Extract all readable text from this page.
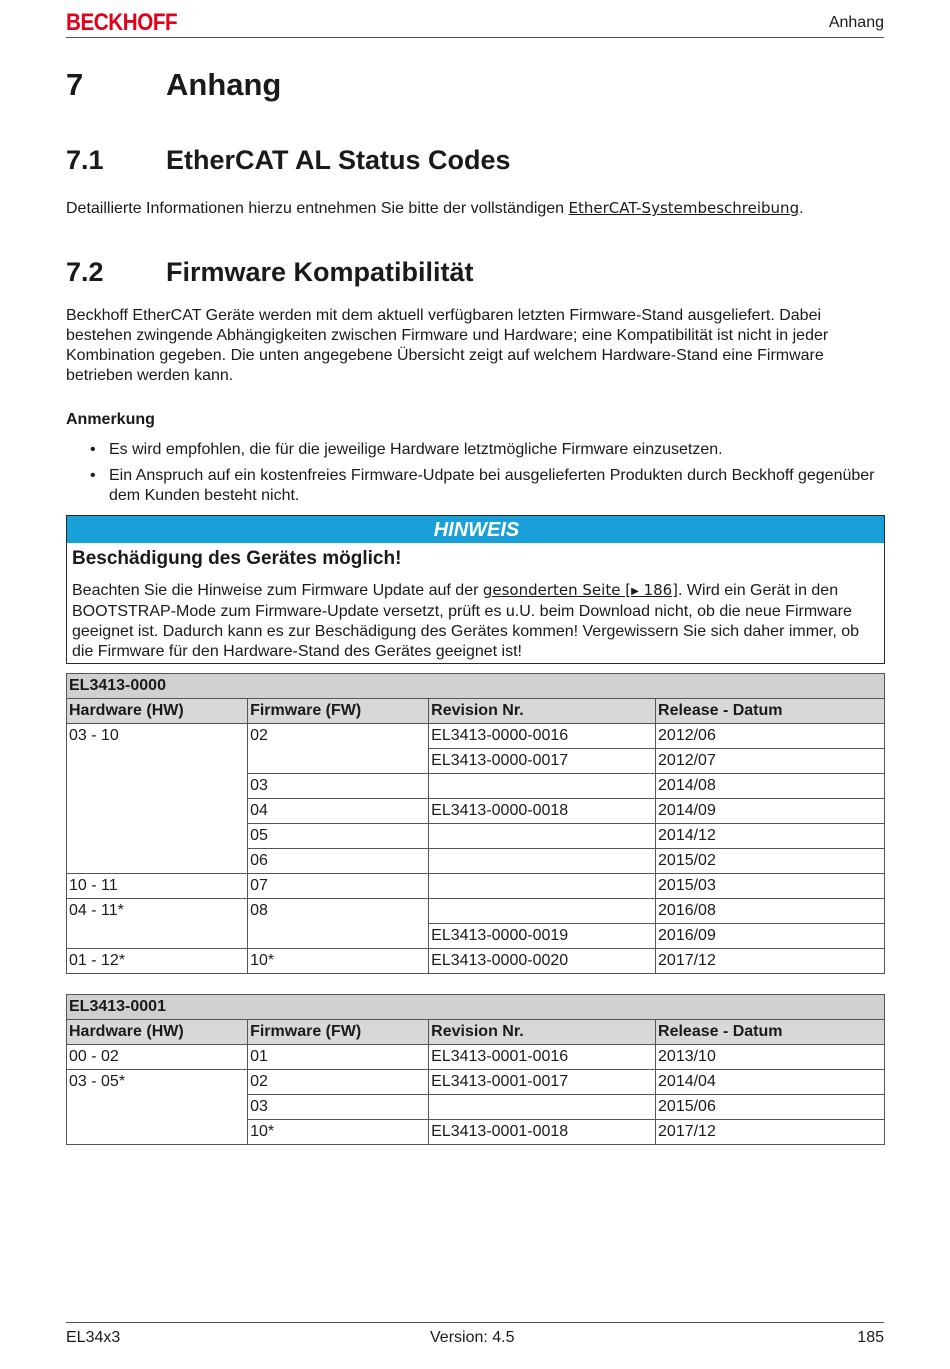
BECKHOFF	Anhang
7	Anhang
7.1 EtherCAT AL Status Codes
Detaillierte Informationen hierzu entnehmen Sie bitte der vollständigen EtherCAT-Systembeschreibung.
7.2 Firmware Kompatibilität
Beckhoff EtherCAT Geräte werden mit dem aktuell verfügbaren letzten Firmware-Stand ausgeliefert. Dabei bestehen zwingende Abhängigkeiten zwischen Firmware und Hardware; eine Kompatibilität ist nicht in jeder Kombination gegeben. Die unten angegebene Übersicht zeigt auf welchem Hardware-Stand eine Firmware betrieben werden kann.
Anmerkung
• Es wird empfohlen, die für die jeweilige Hardware letztmögliche Firmware einzusetzen.
• Ein Anspruch auf ein kostenfreies Firmware-Udpate bei ausgelieferten Produkten durch Beckhoff gegenüber dem Kunden besteht nicht.
HINWEIS
Beschädigung des Gerätes möglich!
Beachten Sie die Hinweise zum Firmware Update auf der gesonderten Seite [▶ 186]. Wird ein Gerät in den BOOTSTRAP-Mode zum Firmware-Update versetzt, prüft es u.U. beim Download nicht, ob die neue Firmware geeignet ist. Dadurch kann es zur Beschädigung des Gerätes kommen! Vergewissern Sie sich daher immer, ob die Firmware für den Hardware-Stand des Gerätes geeignet ist!
EL3413-0000			
Hardware (HW)	Firmware (FW)	Revision Nr.	Release - Datum
03 - 10	02	EL3413-0000-0016	2012/06
		EL3413-0000-0017	2012/07
	03		2014/08
	04	EL3413-0000-0018	2014/09
	05		2014/12
	06		2015/02
10 - 11	07		2015/03
04 - 11*	08		2016/08
		EL3413-0000-0019	2016/09
01 - 12*	10*	EL3413-0000-0020	2017/12
EL3413-0001			
Hardware (HW)	Firmware (FW)	Revision Nr.	Release - Datum
00 - 02	01	EL3413-0001-0016	2013/10
03 - 05*	02	EL3413-0001-0017	2014/04
	03		2015/06
	10*	EL3413-0001-0018	2017/12
EL34x3	Version: 4.5	185
